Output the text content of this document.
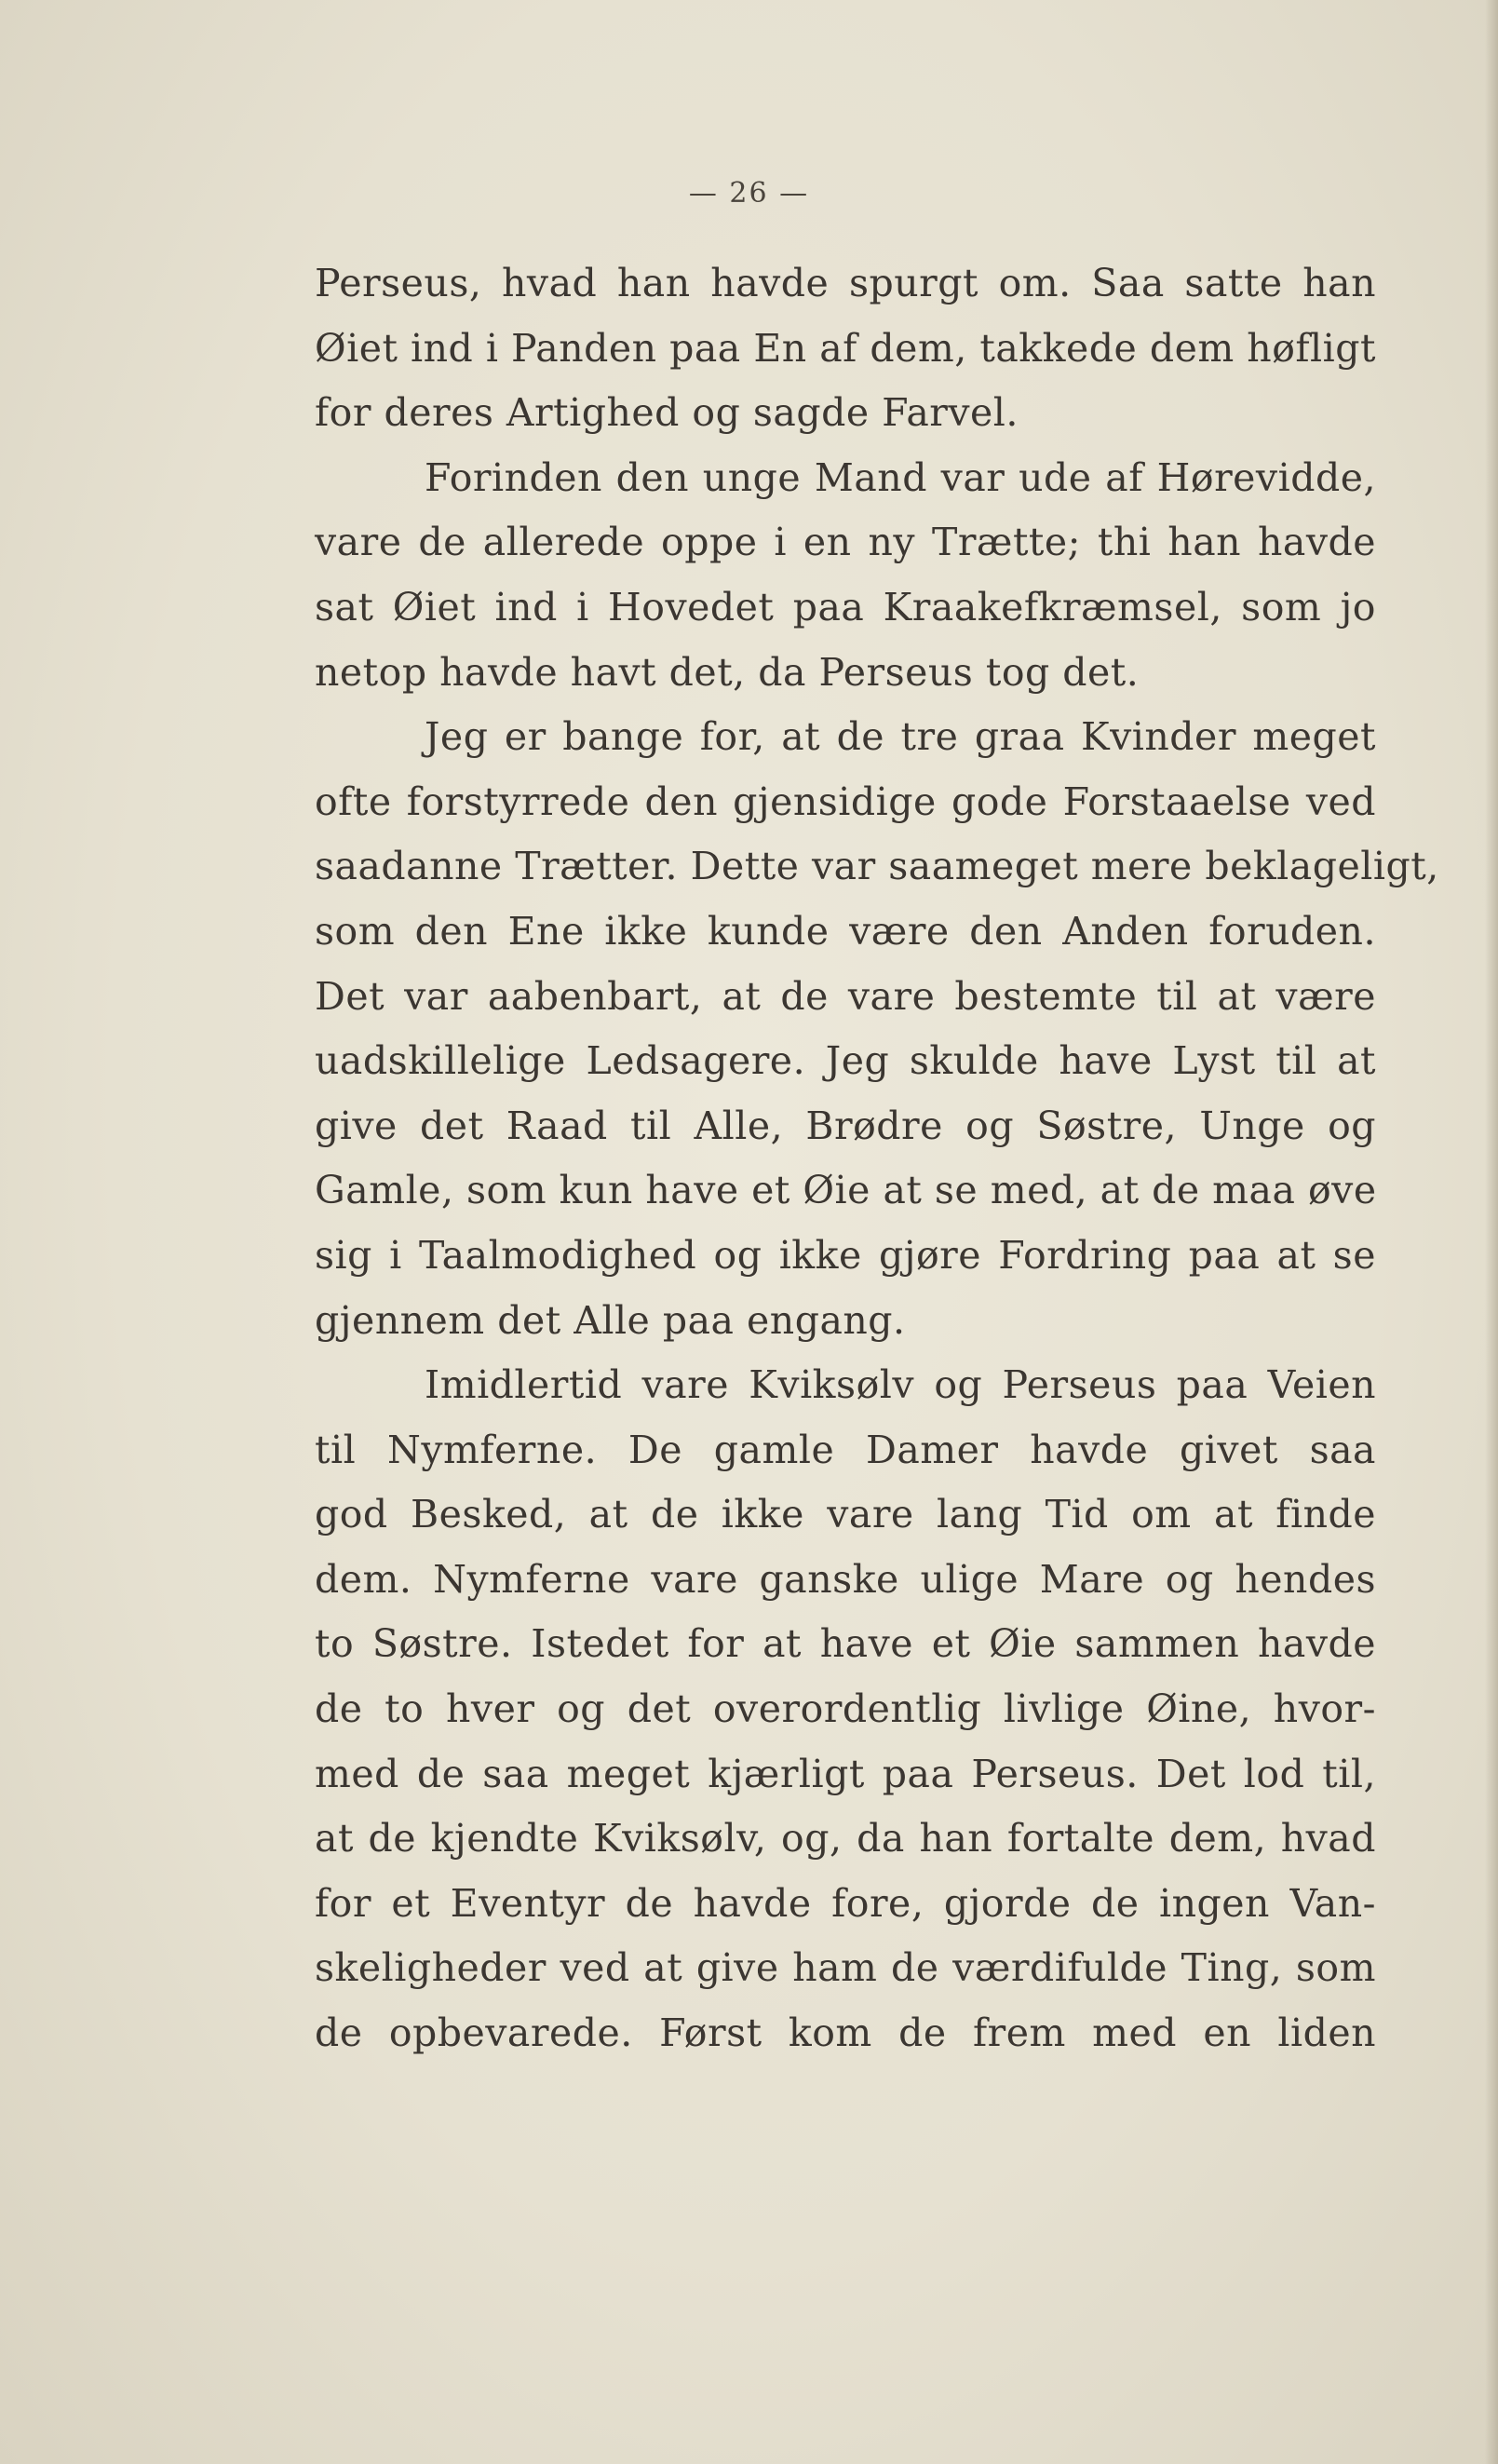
— 26 —
Perseus, hvad han havde spurgt om. Saa satte han
Øiet ind i Panden paa En af dem, takkede dem høfligt
for deres Artighed og sagde Farvel.
Forinden den unge Mand var ude af Hørevidde,
vare de allerede oppe i en ny Trætte; thi han havde
sat Øiet ind i Hovedet paa Kraakefkræmsel, som jo
netop havde havt det, da Perseus tog det.
Jeg er bange for, at de tre graa Kvinder meget
ofte forstyrrede den gjensidige gode Forstaaelse ved
saadanne Trætter. Dette var saameget mere beklageligt,
som den Ene ikke kunde være den Anden foruden.
Det var aabenbart, at de vare bestemte til at være
uadskillelige Ledsagere. Jeg skulde have Lyst til at
give det Raad til Alle, Brødre og Søstre, Unge og
Gamle, som kun have et Øie at se med, at de maa øve
sig i Taalmodighed og ikke gjøre Fordring paa at se
gjennem det Alle paa engang.
Imidlertid vare Kviksølv og Perseus paa Veien
til Nymferne. De gamle Damer havde givet saa
god Besked, at de ikke vare lang Tid om at finde
dem. Nymferne vare ganske ulige Mare og hendes
to Søstre. Istedet for at have et Øie sammen havde
de to hver og det overordentlig livlige Øine, hvor-
med de saa meget kjærligt paa Perseus. Det lod til,
at de kjendte Kviksølv, og, da han fortalte dem, hvad
for et Eventyr de havde fore, gjorde de ingen Van-
skeligheder ved at give ham de værdifulde Ting, som
de opbevarede. Først kom de frem med en liden
